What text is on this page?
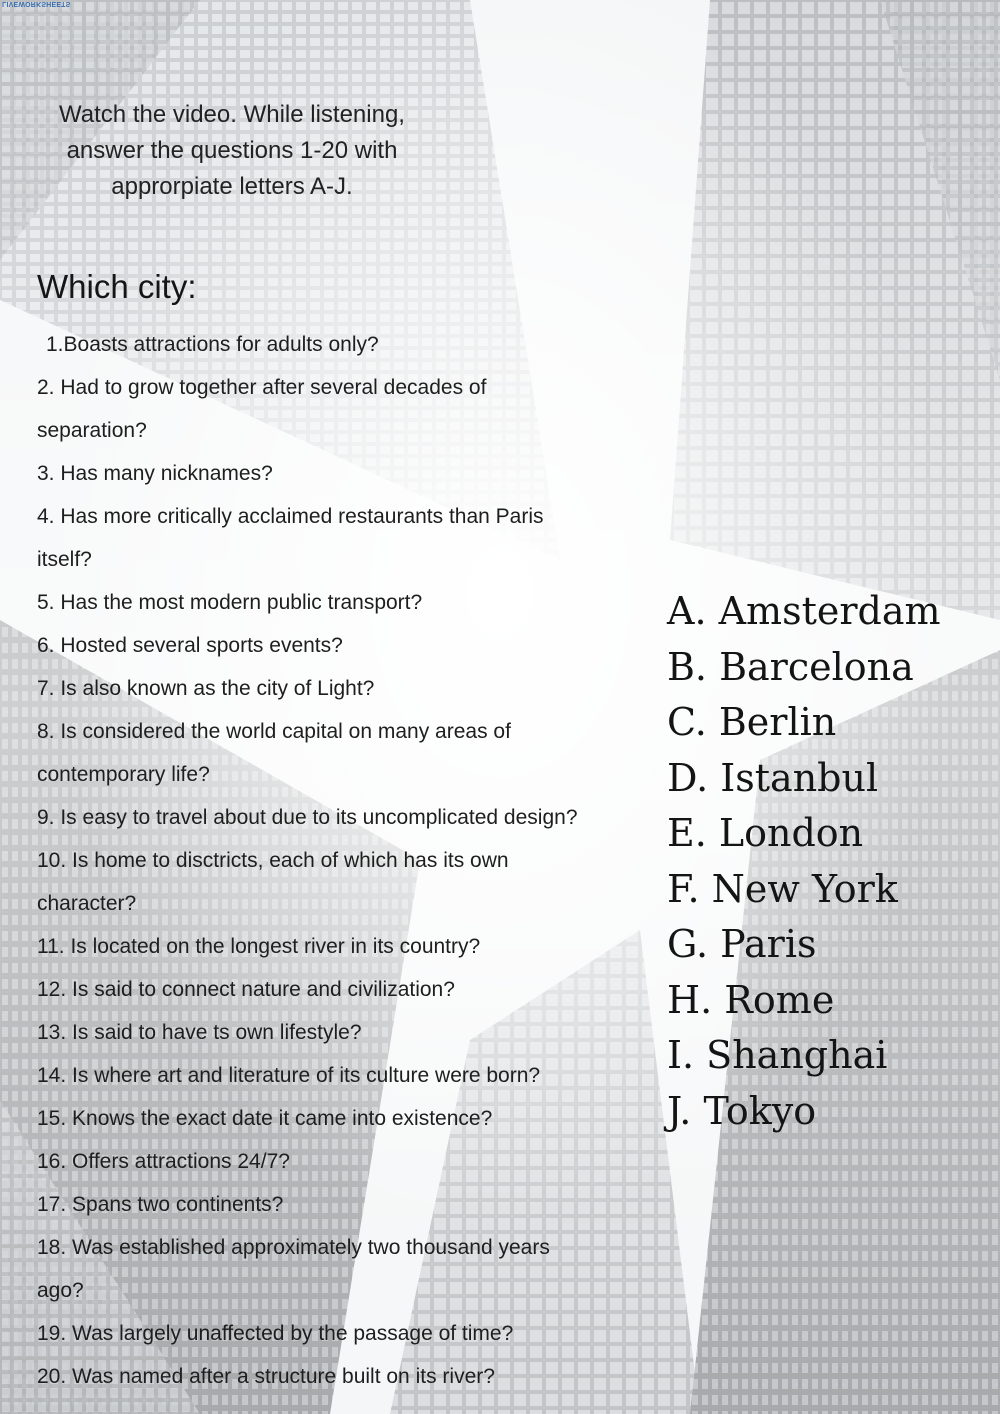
LIVEWORKSHEETS
Watch the video. While listening,
answer the questions 1-20 with
approrpiate letters A-J.
Which city:
1.Boasts attractions for adults only?
2. Had to grow together after several decades of
separation?
3. Has many nicknames?
4. Has more critically acclaimed restaurants than Paris
itself?
5. Has the most modern public transport?
6. Hosted several sports events?
7. Is also known as the city of Light?
8. Is considered the world capital on many areas of
contemporary life?
9. Is easy to travel about due to its uncomplicated design?
10. Is home to disctricts, each of which has its own
character?
11. Is located on the longest river in its country?
12. Is said to connect nature and civilization?
13. Is said to have ts own lifestyle?
14. Is where art and literature of its culture were born?
15. Knows the exact date it came into existence?
16. Offers attractions 24/7?
17. Spans two continents?
18. Was established approximately two thousand years
ago?
19. Was largely unaffected by the passage of time?
20. Was named after a structure built on its river?
A. Amsterdam
B. Barcelona
C. Berlin
D. Istanbul
E. London
F. New York
G. Paris
H. Rome
I. Shanghai
J. Tokyo
